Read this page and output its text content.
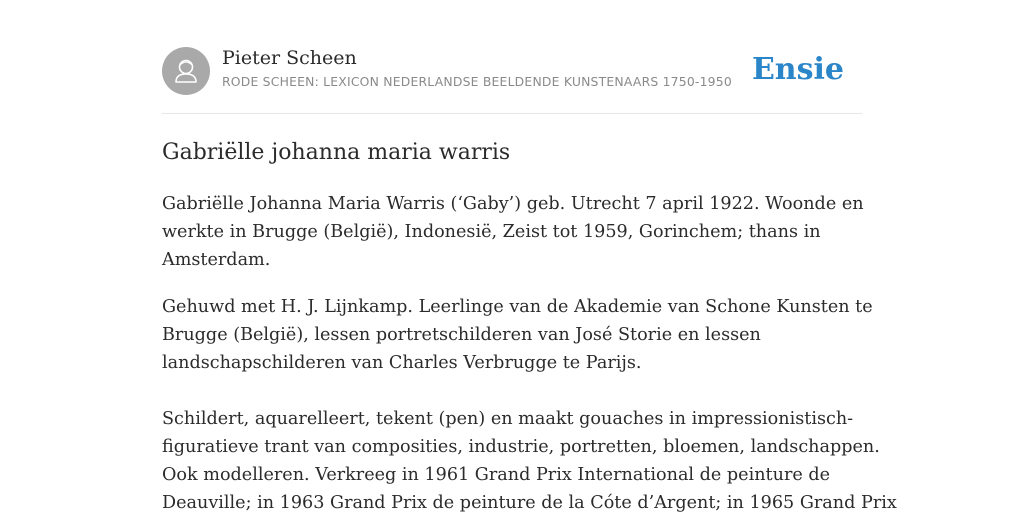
Pieter Scheen
RODE SCHEEN: LEXICON NEDERLANDSE BEELDENDE KUNSTENAARS 1750-1950 Ensie
Gabriëlle johanna maria warris

Gabriëlle Johanna Maria Warris (‘Gaby’) geb. Utrecht 7 april 1922. Woonde en

werkte in Brugge (België), Indonesië, Zeist tot 1959, Gorinchem; thans in

Amsterdam.

Gehuwd met H. J. Lijnkamp. Leerlinge van de Akademie van Schone Kunsten te

Brugge (België), lessen portretschilderen van José Storie en lessen

landschapschilderen van Charles Verbrugge te Parijs.

Schildert, aquarelleert, tekent (pen) en maakt gouaches in impressionistisch-

figuratieve trant van composities, industrie, portretten, bloemen, landschappen.

Ook modelleren. Verkreeg in 1961 Grand Prix International de peinture de

Deauville; in 1963 Grand Prix de peinture de la Cóte d’Argent; in 1965 Grand Prix
